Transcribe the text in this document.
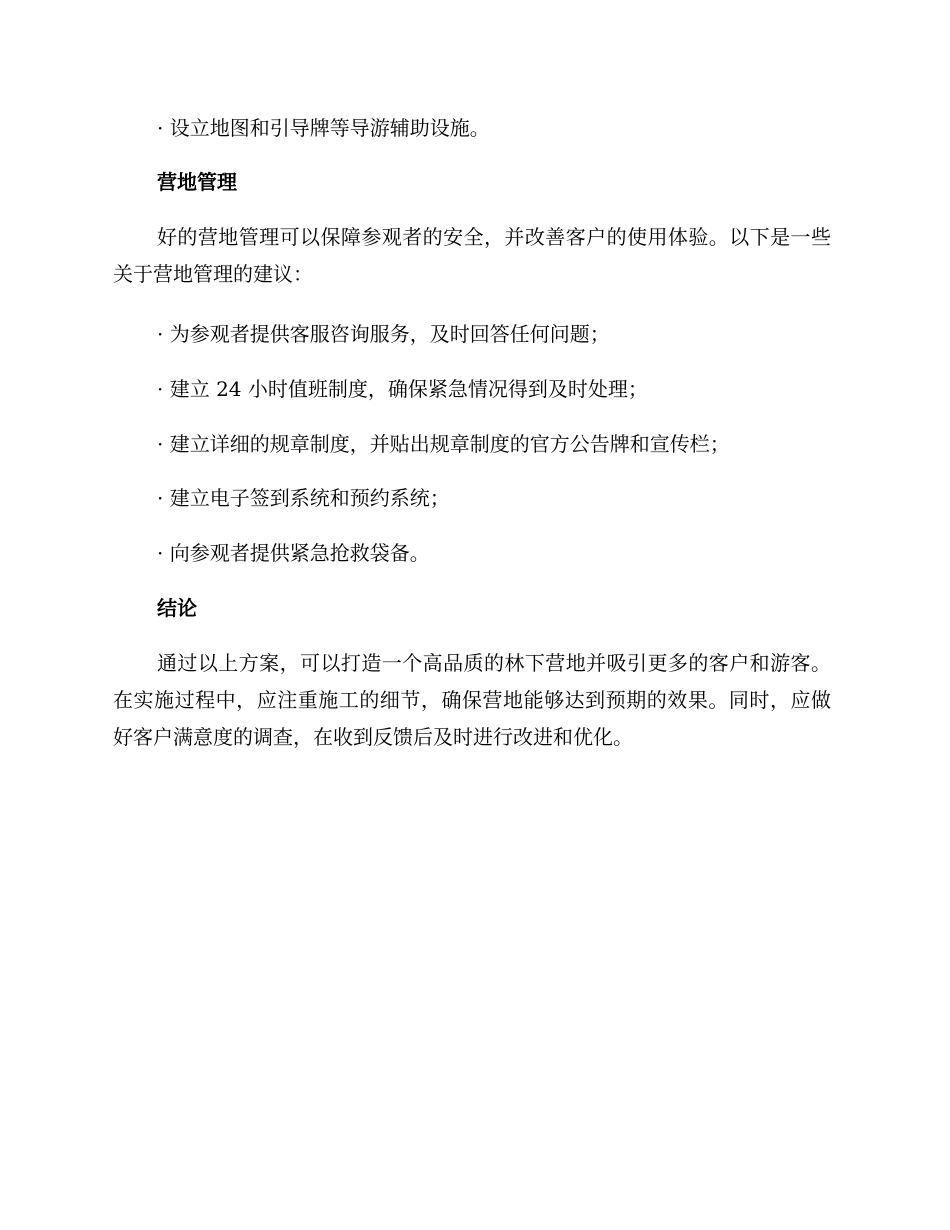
· 设立地图和引导牌等导游辅助设施。
营地管理
好的营地管理可以保障参观者的安全，并改善客户的使用体验。以下是一些关于营地管理的建议：
· 为参观者提供客服咨询服务，及时回答任何问题；
· 建立 24 小时值班制度，确保紧急情况得到及时处理；
· 建立详细的规章制度，并贴出规章制度的官方公告牌和宣传栏；
· 建立电子签到系统和预约系统；
· 向参观者提供紧急抢救袋备。
结论
通过以上方案，可以打造一个高品质的林下营地并吸引更多的客户和游客。在实施过程中，应注重施工的细节，确保营地能够达到预期的效果。同时，应做好客户满意度的调查，在收到反馈后及时进行改进和优化。
